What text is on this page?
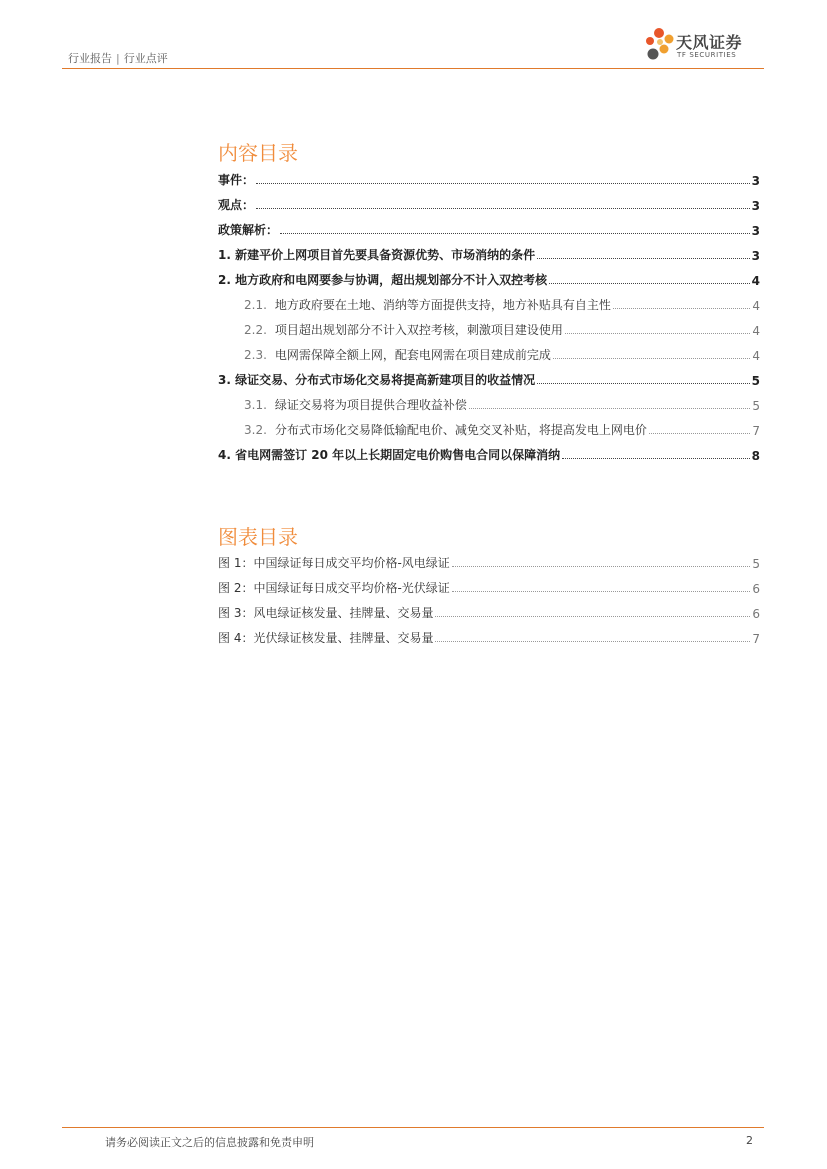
行业报告 | 行业点评
天风证券
TF SECURITIES
内容目录
事件：	3
观点：	3
政策解析：	3
1. 新建平价上网项目首先要具备资源优势、市场消纳的条件	3
2. 地方政府和电网要参与协调，超出规划部分不计入双控考核	4
2.1. 地方政府要在土地、消纳等方面提供支持，地方补贴具有自主性	4
2.2. 项目超出规划部分不计入双控考核，刺激项目建设使用	4
2.3. 电网需保障全额上网，配套电网需在项目建成前完成	4
3. 绿证交易、分布式市场化交易将提高新建项目的收益情况	5
3.1. 绿证交易将为项目提供合理收益补偿	5
3.2. 分布式市场化交易降低输配电价、减免交叉补贴，将提高发电上网电价	7
4. 省电网需签订 20 年以上长期固定电价购售电合同以保障消纳	8
图表目录
图 1：中国绿证每日成交平均价格-风电绿证	5
图 2：中国绿证每日成交平均价格-光伏绿证	6
图 3：风电绿证核发量、挂牌量、交易量	6
图 4：光伏绿证核发量、挂牌量、交易量	7
请务必阅读正文之后的信息披露和免责申明	2
